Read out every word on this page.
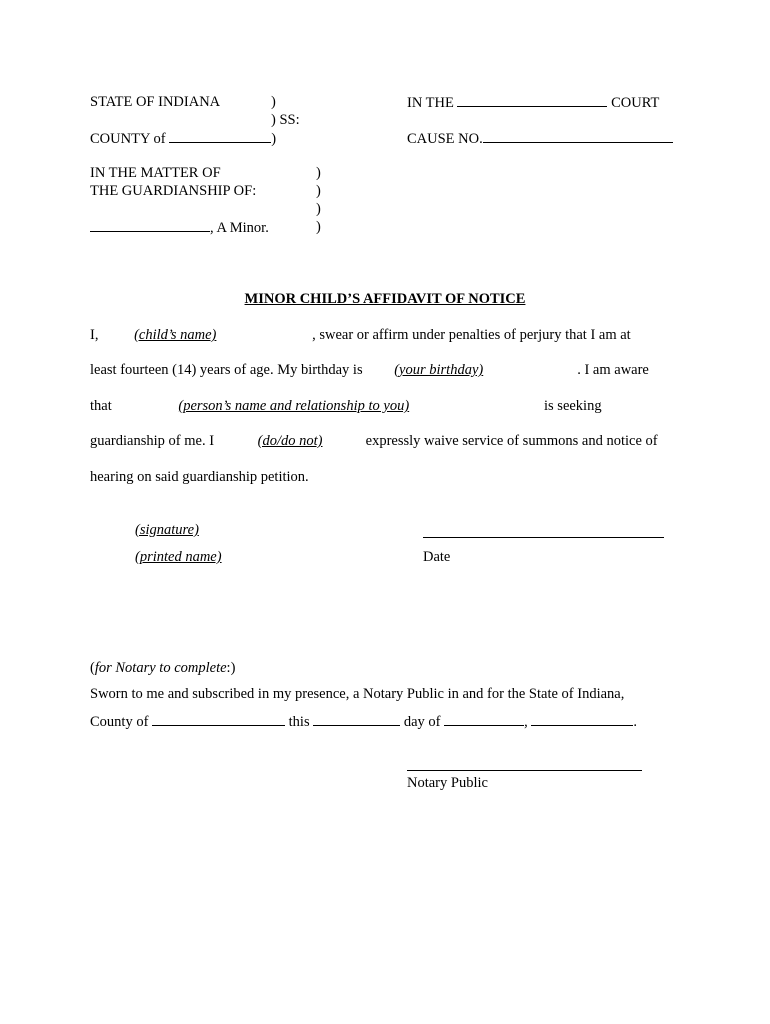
STATE OF INDIANA	)
) SS:
COUNTY of	)
IN THE	COURT
CAUSE NO.
IN THE MATTER OF
THE GUARDIANSHIP OF:
, A Minor.
)
)
)
)
MINOR CHILD’S AFFIDAVIT OF NOTICE
I, (child’s name)	, swear or affirm under penalties of perjury that I am at
least fourteen (14) years of age. My birthday is (your birthday)	. I am aware
that	(person’s name and relationship to you)	is seeking
guardianship of me. I	(do/do not)	expressly waive service of summons and notice of
hearing on said guardianship petition.
(signature)
(printed name)	Date
(for Notary to complete:)
Sworn to me and subscribed in my presence, a Notary Public in and for the State of Indiana,
County of	this	day of	,	.
Notary Public
